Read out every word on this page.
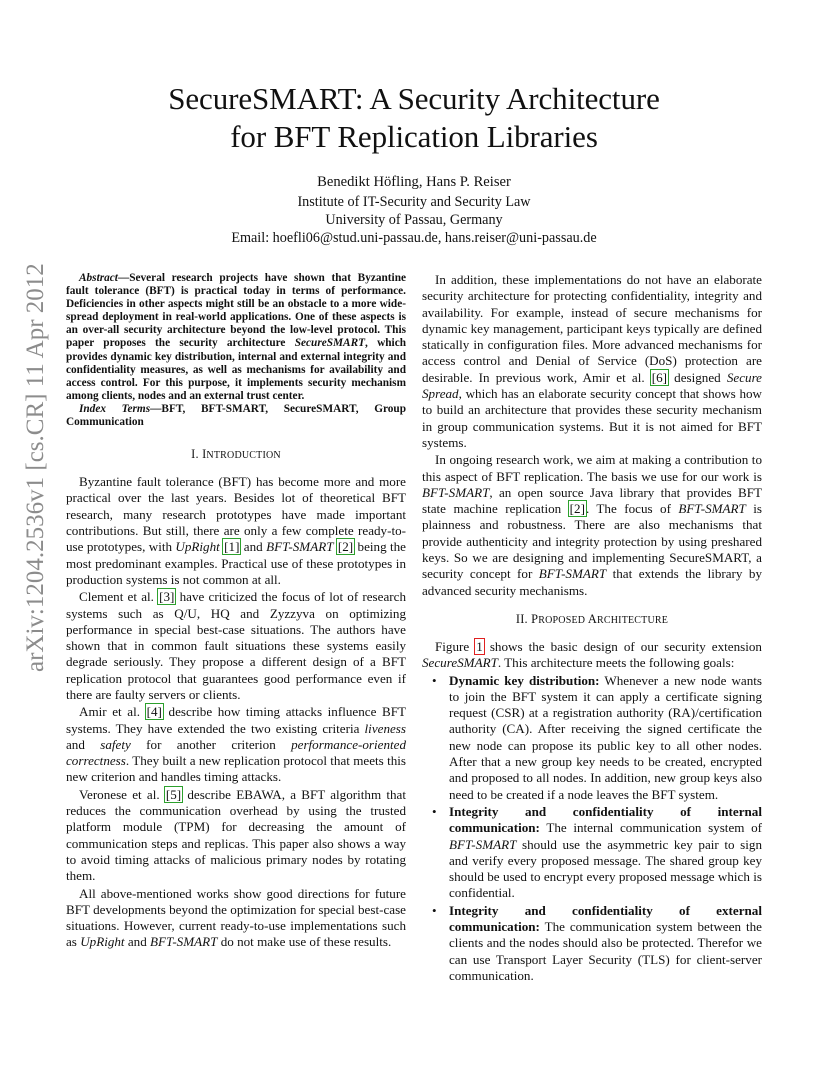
arXiv:1204.2536v1 [cs.CR] 11 Apr 2012
SecureSMART: A Security Architecture
for BFT Replication Libraries
Benedikt Höfling, Hans P. Reiser
Institute of IT-Security and Security Law
University of Passau, Germany
Email: hoefli06@stud.uni-passau.de, hans.reiser@uni-passau.de

Abstract—Several research projects have shown that Byzantine fault tolerance (BFT) is practical today in terms of performance. Deficiencies in other aspects might still be an obstacle to a more wide-spread deployment in real-world applications. One of these aspects is an over-all security architecture beyond the low-level protocol. This paper proposes the security architecture SecureSMART, which provides dynamic key distribution, internal and external integrity and confidentiality measures, as well as mechanisms for availability and access control. For this purpose, it implements security mechanism among clients, nodes and an external trust center.

Index Terms—BFT, BFT-SMART, SecureSMART, Group Communication

I. INTRODUCTION

Byzantine fault tolerance (BFT) has become more and more practical over the last years. Besides lot of theoretical BFT research, many research prototypes have made important contributions. But still, there are only a few complete ready-to-use prototypes, with UpRight [1] and BFT-SMART [2] being the most predominant examples. Practical use of these prototypes in production systems is not common at all.

Clement et al. [3] have criticized the focus of lot of research systems such as Q/U, HQ and Zyzzyva on optimizing performance in special best-case situations. The authors have shown that in common fault situations these systems easily degrade seriously. They propose a different design of a BFT replication protocol that guarantees good performance even if there are faulty servers or clients.

Amir et al. [4] describe how timing attacks influence BFT systems. They have extended the two existing criteria liveness and safety for another criterion performance-oriented correctness. They built a new replication protocol that meets this new criterion and handles timing attacks.

Veronese et al. [5] describe EBAWA, a BFT algorithm that reduces the communication overhead by using the trusted platform module (TPM) for decreasing the amount of communication steps and replicas. This paper also shows a way to avoid timing attacks of malicious primary nodes by rotating them.

All above-mentioned works show good directions for future BFT developments beyond the optimization for special best-case situations. However, current ready-to-use implementations such as UpRight and BFT-SMART do not make use of these results.

In addition, these implementations do not have an elaborate security architecture for protecting confidentiality, integrity and availability. For example, instead of secure mechanisms for dynamic key management, participant keys typically are defined statically in configuration files. More advanced mechanisms for access control and Denial of Service (DoS) protection are desirable. In previous work, Amir et al. [6] designed Secure Spread, which has an elaborate security concept that shows how to build an architecture that provides these security mechanism in group communication systems. But it is not aimed for BFT systems.

In ongoing research work, we aim at making a contribution to this aspect of BFT replication. The basis we use for our work is BFT-SMART, an open source Java library that provides BFT state machine replication [2]. The focus of BFT-SMART is plainness and robustness. There are also mechanisms that provide authenticity and integrity protection by using preshared keys. So we are designing and implementing SecureSMART, a security concept for BFT-SMART that extends the library by advanced security mechanisms.

II. PROPOSED ARCHITECTURE

Figure 1 shows the basic design of our security extension SecureSMART. This architecture meets the following goals:

• Dynamic key distribution: Whenever a new node wants to join the BFT system it can apply a certificate signing request (CSR) at a registration authority (RA)/certification authority (CA). After receiving the signed certificate the new node can propose its public key to all other nodes. After that a new group key needs to be created, encrypted and proposed to all nodes. In addition, new group keys also need to be created if a node leaves the BFT system.
• Integrity and confidentiality of internal communication: The internal communication system of BFT-SMART should use the asymmetric key pair to sign and verify every proposed message. The shared group key should be used to encrypt every proposed message which is confidential.
• Integrity and confidentiality of external communication: The communication system between the clients and the nodes should also be protected. Therefor we can use Transport Layer Security (TLS) for client-server communication.
